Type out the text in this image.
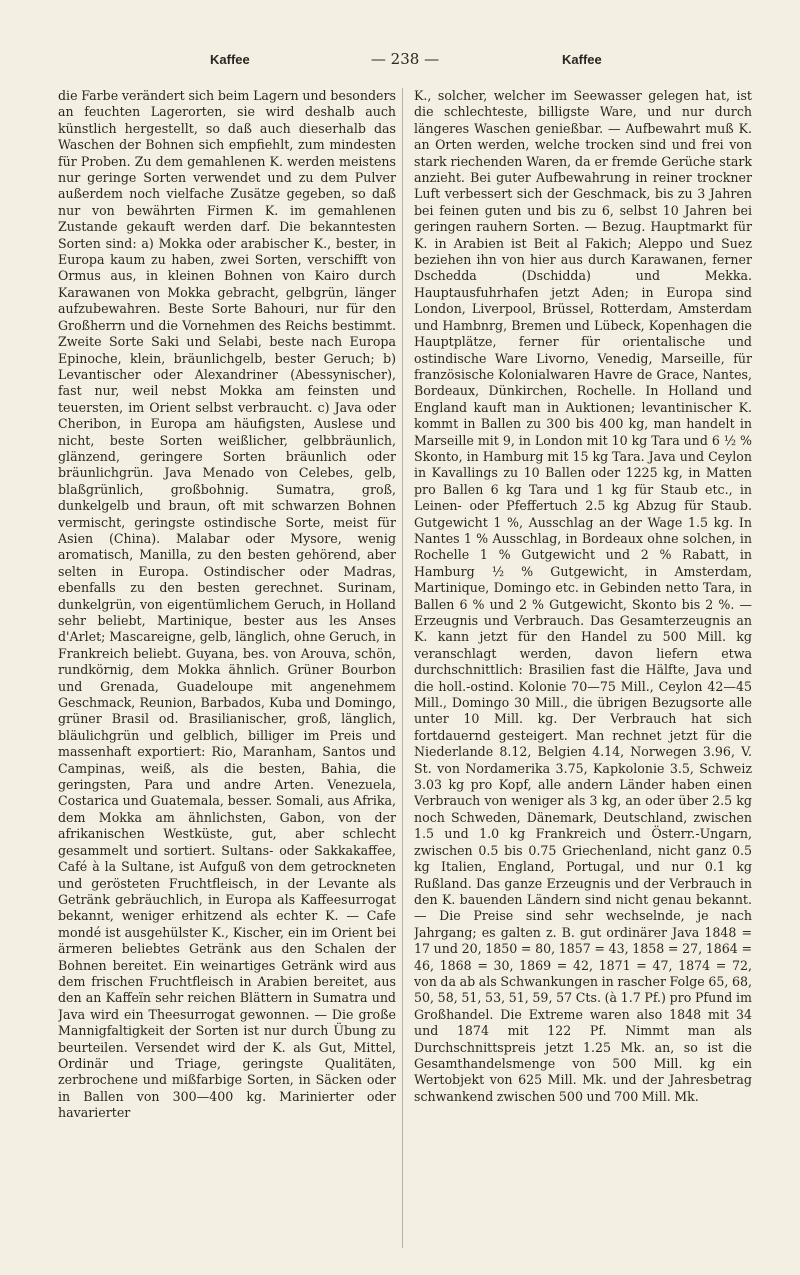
Kaffee	— 238 —	Kaffee

die Farbe verändert sich beim Lagern und besonders an feuchten Lagerorten, sie wird deshalb auch künstlich hergestellt, so daß auch dieserhalb das Waschen der Bohnen sich empfiehlt, zum mindesten für Proben. Zu dem gemahlenen K. werden meistens nur geringe Sorten verwendet und zu dem Pulver außerdem noch vielfache Zusätze gegeben, so daß nur von bewährten Firmen K. im gemahlenen Zustande gekauft werden darf. Die bekanntesten Sorten sind: a) Mokka oder arabischer K., bester, in Europa kaum zu haben, zwei Sorten, verschifft von Ormus aus, in kleinen Bohnen von Kairo durch Karawanen von Mokka gebracht, gelbgrün, länger aufzubewahren. Beste Sorte Bahouri, nur für den Großherrn und die Vornehmen des Reichs bestimmt. Zweite Sorte Saki und Selabi, beste nach Europa Epinoche, klein, bräunlichgelb, bester Geruch; b) Levantischer oder Alexandriner (Abessynischer), fast nur, weil nebst Mokka am feinsten und teuersten, im Orient selbst verbraucht. c) Java oder Cheribon, in Europa am häufigsten, Auslese und nicht, beste Sorten weißlicher, gelbbräunlich, glänzend, geringere Sorten bräunlich oder bräunlichgrün. Java Menado von Celebes, gelb, blaßgrünlich, großbohnig. Sumatra, groß, dunkelgelb und braun, oft mit schwarzen Bohnen vermischt, geringste ostindische Sorte, meist für Asien (China). Malabar oder Mysore, wenig aromatisch, Manilla, zu den besten gehörend, aber selten in Europa. Ostindischer oder Madras, ebenfalls zu den besten gerechnet. Surinam, dunkelgrün, von eigentümlichem Geruch, in Holland sehr beliebt, Martinique, bester aus les Anses d'Arlet; Mascareigne, gelb, länglich, ohne Geruch, in Frankreich beliebt. Guyana, bes. von Arouva, schön, rundkörnig, dem Mokka ähnlich. Grüner Bourbon und Grenada, Guadeloupe mit angenehmem Geschmack, Reunion, Barbados, Kuba und Domingo, grüner Brasil od. Brasilianischer, groß, länglich, bläulichgrün und gelblich, billiger im Preis und massenhaft exportiert: Rio, Maranham, Santos und Campinas, weiß, als die besten, Bahia, die geringsten, Para und andre Arten. Venezuela, Costarica und Guatemala, besser. Somali, aus Afrika, dem Mokka am ähnlichsten, Gabon, von der afrikanischen Westküste, gut, aber schlecht gesammelt und sortiert. Sultans- oder Sakkakaffee, Café à la Sultane, ist Aufguß von dem getrockneten und gerösteten Fruchtfleisch, in der Levante als Getränk gebräuchlich, in Europa als Kaffeesurrogat bekannt, weniger erhitzend als echter K. — Cafe mondé ist ausgehülster K., Kischer, ein im Orient bei ärmeren beliebtes Getränk aus den Schalen der Bohnen bereitet. Ein weinartiges Getränk wird aus dem frischen Fruchtfleisch in Arabien bereitet, aus den an Kaffeïn sehr reichen Blättern in Sumatra und Java wird ein Theesurrogat gewonnen. — Die große Mannigfaltigkeit der Sorten ist nur durch Übung zu beurteilen. Versendet wird der K. als Gut, Mittel, Ordinär und Triage, geringste Qualitäten, zerbrochene und mißfarbige Sorten, in Säcken oder in Ballen von 300—400 kg. Marinierter oder havarierter

K., solcher, welcher im Seewasser gelegen hat, ist die schlechteste, billigste Ware, und nur durch längeres Waschen genießbar. — Aufbewahrt muß K. an Orten werden, welche trocken sind und frei von stark riechenden Waren, da er fremde Gerüche stark anzieht. Bei guter Aufbewahrung in reiner trockner Luft verbessert sich der Geschmack, bis zu 3 Jahren bei feinen guten und bis zu 6, selbst 10 Jahren bei geringen rauhern Sorten. — Bezug. Hauptmarkt für K. in Arabien ist Beit al Fakich; Aleppo und Suez beziehen ihn von hier aus durch Karawanen, ferner Dschedda (Dschidda) und Mekka. Hauptausfuhrhafen jetzt Aden; in Europa sind London, Liverpool, Brüssel, Rotterdam, Amsterdam und Hambnrg, Bremen und Lübeck, Kopenhagen die Hauptplätze, ferner für orientalische und ostindische Ware Livorno, Venedig, Marseille, für französische Kolonialwaren Havre de Grace, Nantes, Bordeaux, Dünkirchen, Rochelle. In Holland und England kauft man in Auktionen; levantinischer K. kommt in Ballen zu 300 bis 400 kg, man handelt in Marseille mit 9, in London mit 10 kg Tara und 6 ½ % Skonto, in Hamburg mit 15 kg Tara. Java und Ceylon in Kavallings zu 10 Ballen oder 1225 kg, in Matten pro Ballen 6 kg Tara und 1 kg für Staub etc., in Leinen- oder Pfeffertuch 2.5 kg Abzug für Staub. Gutgewicht 1 %, Ausschlag an der Wage 1.5 kg. In Nantes 1 % Ausschlag, in Bordeaux ohne solchen, in Rochelle 1 % Gutgewicht und 2 % Rabatt, in Hamburg ½ % Gutgewicht, in Amsterdam, Martinique, Domingo etc. in Gebinden netto Tara, in Ballen 6 % und 2 % Gutgewicht, Skonto bis 2 %. — Erzeugnis und Verbrauch. Das Gesamterzeugnis an K. kann jetzt für den Handel zu 500 Mill. kg veranschlagt werden, davon liefern etwa durchschnittlich: Brasilien fast die Hälfte, Java und die holl.-ostind. Kolonie 70—75 Mill., Ceylon 42—45 Mill., Domingo 30 Mill., die übrigen Bezugsorte alle unter 10 Mill. kg. Der Verbrauch hat sich fortdauernd gesteigert. Man rechnet jetzt für die Niederlande 8.12, Belgien 4.14, Norwegen 3.96, V. St. von Nordamerika 3.75, Kapkolonie 3.5, Schweiz 3.03 kg pro Kopf, alle andern Länder haben einen Verbrauch von weniger als 3 kg, an oder über 2.5 kg noch Schweden, Dänemark, Deutschland, zwischen 1.5 und 1.0 kg Frankreich und Österr.-Ungarn, zwischen 0.5 bis 0.75 Griechenland, nicht ganz 0.5 kg Italien, England, Portugal, und nur 0.1 kg Rußland. Das ganze Erzeugnis und der Verbrauch in den K. bauenden Ländern sind nicht genau bekannt. — Die Preise sind sehr wechselnde, je nach Jahrgang; es galten z. B. gut ordinärer Java 1848 = 17 und 20, 1850 = 80, 1857 = 43, 1858 = 27, 1864 = 46, 1868 = 30, 1869 = 42, 1871 = 47, 1874 = 72, von da ab als Schwankungen in rascher Folge 65, 68, 50, 58, 51, 53, 51, 59, 57 Cts. (à 1.7 Pf.) pro Pfund im Großhandel. Die Extreme waren also 1848 mit 34 und 1874 mit 122 Pf. Nimmt man als Durchschnittspreis jetzt 1.25 Mk. an, so ist die Gesamthandelsmenge von 500 Mill. kg ein Wertobjekt von 625 Mill. Mk. und der Jahresbetrag schwankend zwischen 500 und 700 Mill. Mk.
